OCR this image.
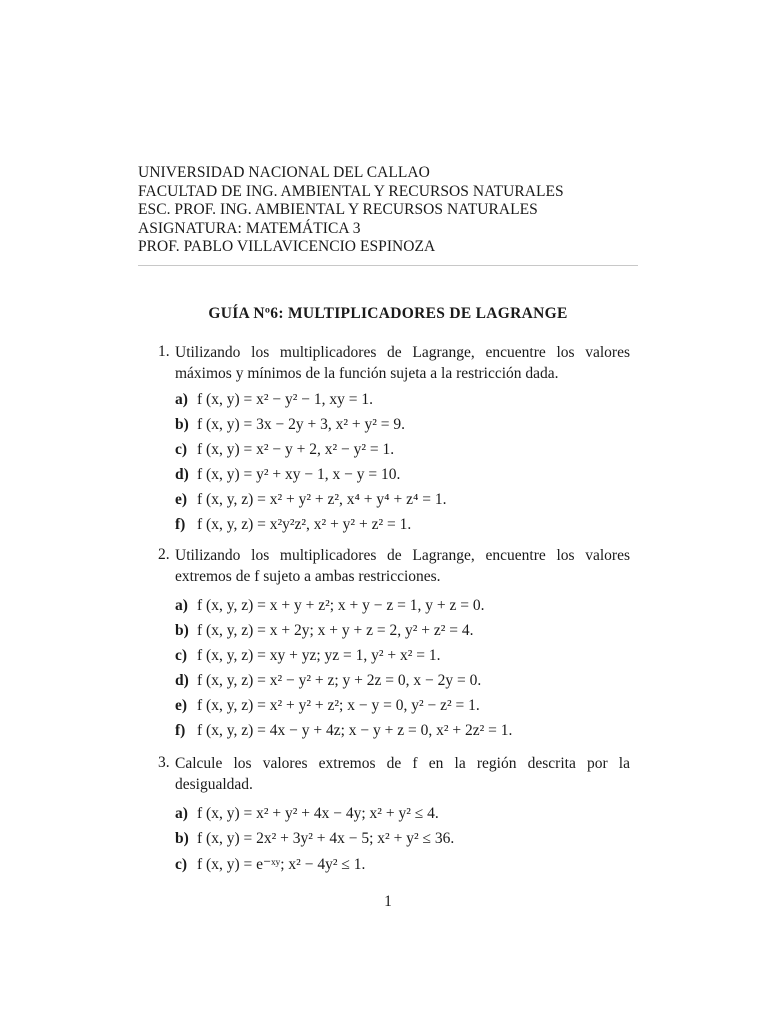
UNIVERSIDAD NACIONAL DEL CALLAO
FACULTAD DE ING. AMBIENTAL Y RECURSOS NATURALES
ESC. PROF. ING. AMBIENTAL Y RECURSOS NATURALES
ASIGNATURA: MATEMÁTICA 3
PROF. PABLO VILLAVICENCIO ESPINOZA
GUÍA Nº6: MULTIPLICADORES DE LAGRANGE
1. Utilizando los multiplicadores de Lagrange, encuentre los valores máximos y mínimos de la función sujeta a la restricción dada.
a) f (x, y) = x² − y² − 1, xy = 1.
b) f (x, y) = 3x − 2y + 3, x² + y² = 9.
c) f (x, y) = x² − y + 2, x² − y² = 1.
d) f (x, y) = y² + xy − 1, x − y = 10.
e) f (x, y, z) = x² + y² + z², x⁴ + y⁴ + z⁴ = 1.
f) f (x, y, z) = x²y²z², x² + y² + z² = 1.
2. Utilizando los multiplicadores de Lagrange, encuentre los valores extremos de f sujeto a ambas restricciones.
a) f (x, y, z) = x + y + z²; x + y − z = 1, y + z = 0.
b) f (x, y, z) = x + 2y; x + y + z = 2, y² + z² = 4.
c) f (x, y, z) = xy + yz; yz = 1, y² + x² = 1.
d) f (x, y, z) = x² − y² + z; y + 2z = 0, x − 2y = 0.
e) f (x, y, z) = x² + y² + z²; x − y = 0, y² − z² = 1.
f) f (x, y, z) = 4x − y + 4z; x − y + z = 0, x² + 2z² = 1.
3. Calcule los valores extremos de f en la región descrita por la desigualdad.
a) f (x, y) = x² + y² + 4x − 4y; x² + y² ≤ 4.
b) f (x, y) = 2x² + 3y² + 4x − 5; x² + y² ≤ 36.
c) f (x, y) = e⁻ˣʸ; x² − 4y² ≤ 1.
1
